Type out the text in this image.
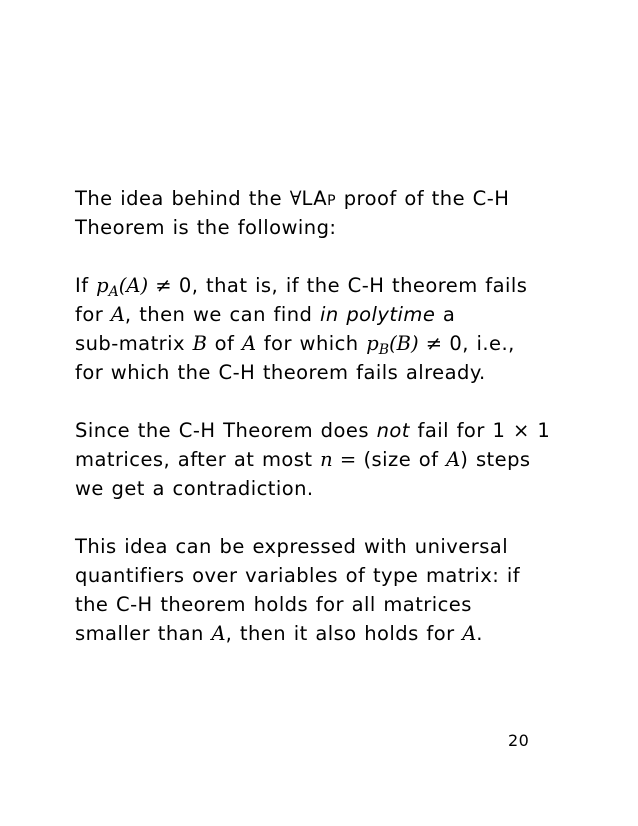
The idea behind the ∀LAp proof of the C-H
Theorem is the following:
If $p_A(A) \ne 0$, that is, if the C-H theorem fails
for A, then we can find in polytime a
sub-matrix B of A for which $p_B(B) \ne 0$, i.e.,
for which the C-H theorem fails already.
Since the C-H Theorem does not fail for 1 × 1
matrices, after at most n = (size of A) steps
we get a contradiction.
This idea can be expressed with universal
quantifiers over variables of type matrix: if
the C-H theorem holds for all matrices
smaller than A, then it also holds for A.
20
